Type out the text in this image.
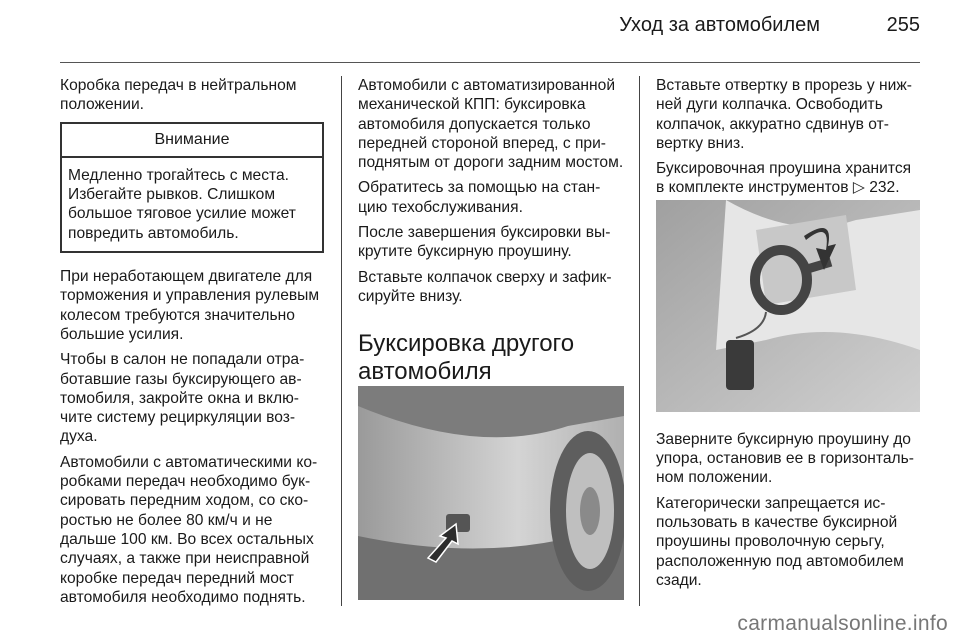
Уход за автомобилем	255

Коробка передач в нейтральном положении.

Внимание
Медленно трогайтесь с места. Избегайте рывков. Слишком большое тяговое усилие может повредить автомобиль.

При неработающем двигателе для торможения и управления рулевым колесом требуются значительно большие усилия.

Чтобы в салон не попадали отработавшие газы буксирующего автомобиля, закройте окна и включите систему рециркуляции воздуха.

Автомобили с автоматическими коробками передач необходимо буксировать передним ходом, со скоростью не более 80 км/ч и не дальше 100 км. Во всех остальных случаях, а также при неисправной коробке передач передний мост автомобиля необходимо поднять.

Автомобили с автоматизированной механической КПП: буксировка автомобиля допускается только передней стороной вперед, с приподнятым от дороги задним мостом.

Обратитесь за помощью на станцию техобслуживания.

После завершения буксировки выкрутите буксирную проушину.

Вставьте колпачок сверху и зафиксируйте внизу.

Буксировка другого автомобиля

Вставьте отвертку в прорезь у нижней дуги колпачка. Освободить колпачок, аккуратно сдвинув отвертку вниз.

Буксировочная проушина хранится в комплекте инструментов ▷ 232.

Заверните буксирную проушину до упора, остановив ее в горизонтальном положении.

Категорически запрещается использовать в качестве буксирной проушины проволочную серьгу, расположенную под автомобилем сзади.

carmanualsonline.info
